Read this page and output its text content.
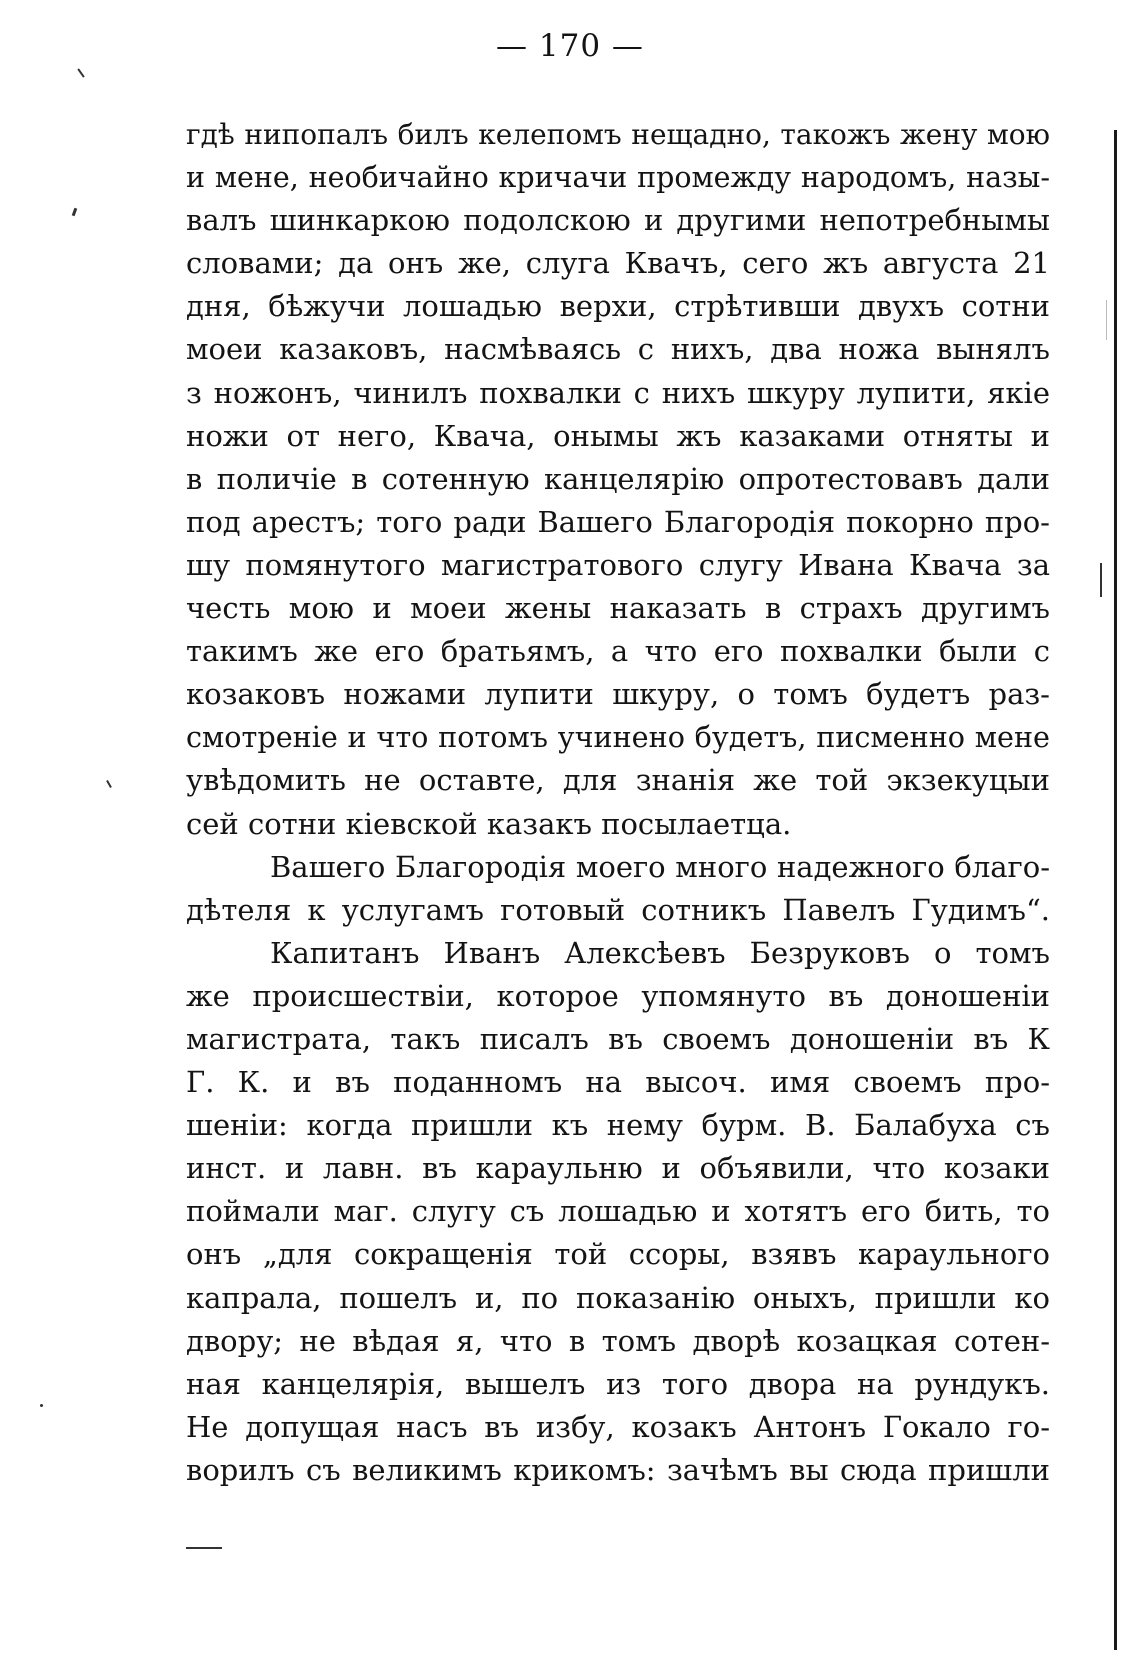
— 170 —
гдѣ нипопалъ билъ келепомъ нещадно, такожъ жену мою
и мене, необичайно кричачи промежду народомъ, назы-
валъ шинкаркою подолскою и другими непотребнымы
словами; да онъ же, слуга Квачъ, сего жъ августа 21
дня, бѣжучи лошадью верхи, стрѣтивши двухъ сотни
моеи казаковъ, насмѣваясь с нихъ, два ножа вынялъ
з ножонъ, чинилъ похвалки с нихъ шкуру лупити, якіе
ножи от него, Квача, онымы жъ казаками отняты и
в поличіе в сотенную канцелярію опротестовавъ дали
под арестъ; того ради Вашего Благородія покорно про-
шу помянутого магистратового слугу Ивана Квача за
честь мою и моеи жены наказать в страхъ другимъ
такимъ же его братьямъ, а что его похвалки были с
козаковъ ножами лупити шкуру, о томъ будетъ раз-
смотреніе и что потомъ учинено будетъ, писменно мене
увѣдомить не оставте, для знанія же той экзекуцыи
сей сотни кіевской казакъ посылаетца.
Вашего Благородія моего много надежного благо-
дѣтеля к услугамъ готовый сотникъ Павелъ Гудимъ“.
Капитанъ Иванъ Алексѣевъ Безруковъ о томъ
же происшествіи, которое упомянуто въ доношеніи
магистрата, такъ писалъ въ своемъ доношеніи въ К
Г. К. и въ поданномъ на высоч. имя своемъ про-
шеніи: когда пришли къ нему бурм. В. Балабуха съ
инст. и лавн. въ караульню и объявили, что козаки
поймали маг. слугу съ лошадью и хотятъ его бить, то
онъ „для сокращенія той ссоры, взявъ караульного
капрала, пошелъ и, по показанію оныхъ, пришли ко
двору; не вѣдая я, что в томъ дворѣ козацкая сотен-
ная канцелярія, вышелъ из того двора на рундукъ.
Не допущая насъ въ избу, козакъ Антонъ Гокало го-
ворилъ съ великимъ крикомъ: зачѣмъ вы сюда пришли
